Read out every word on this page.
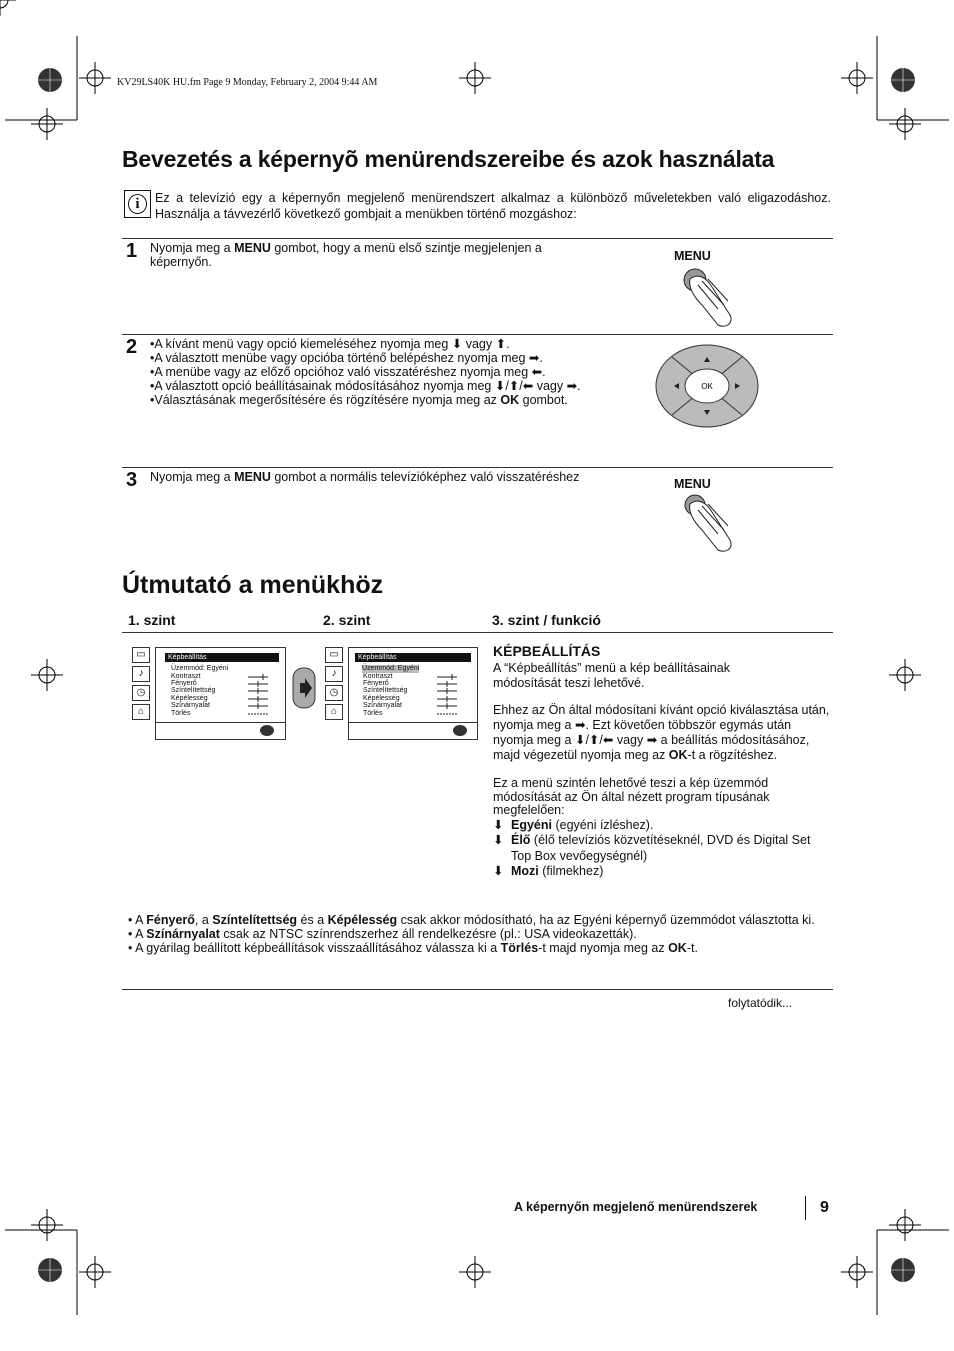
KV29LS40K HU.fm Page 9 Monday, February 2, 2004 9:44 AM
Bevezetés a képernyõ menürendszereibe és azok használata
i	Ez a televízió egy a képernyőn megjelenő menürendszert alkalmaz a különböző műveletekben való eligazodáshoz. Használja a távvezérlő következő gombjait a menükben történő mozgáshoz:
1 Nyomja meg a MENU gombot, hogy a menü első szintje megjelenjen a képernyőn.	MENU
2 •A kívánt menü vagy opció kiemeléséhez nyomja meg ⬇ vagy ⬆.
•A választott menübe vagy opcióba történő belépéshez nyomja meg ➡.
•A menübe vagy az előző opcióhoz való visszatéréshez nyomja meg ⬅.
•A választott opció beállításainak módosításához nyomja meg ⬇/⬆/⬅ vagy ➡.
•Választásának megerősítésére és rögzítésére nyomja meg az OK gombot.
OK
3 Nyomja meg a MENU gombot a normális televízióképhez való visszatéréshez	MENU
Útmutató a menükhöz
1. szint	2. szint	3. szint / funkció
▭
♪
◷
⌂
Képbeállítás
Üzemmód: Egyéni
Kontraszt
Fényerő
Színtelítettség
Képélesség
Színárnyalat
Törlés
▭
♪
◷
⌂
Képbeállítás
Üzemmód: Egyéni
Kontraszt
Fényerő
Színtelítettség
Képélesség
Színárnyalat
Törlés
KÉPBEÁLLÍTÁS
A “Képbeállítás” menü a kép beállításainak módosítását teszi lehetővé.
Ehhez az Ön által módosítani kívánt opció kiválasztása után, nyomja meg a ➡. Ezt követően többször egymás után nyomja meg a ⬇/⬆/⬅ vagy ➡ a beállítás módosításához, majd végezetül nyomja meg az OK-t a rögzítéshez.
Ez a menü szintén lehetővé teszi a kép üzemmód módosítását az Ön által nézett program típusának megfelelően:
⬇ Egyéni (egyéni ízléshez).
⬇ Élő (élő televíziós közvetítéseknél, DVD és Digital Set Top Box vevőegységnél)
⬇ Mozi (filmekhez)
• A Fényerő, a Színtelítettség és a Képélesség csak akkor módosítható, ha az Egyéni képernyő üzemmódot választotta ki.
• A Színárnyalat csak az NTSC színrendszerhez áll rendelkezésre (pl.: USA videokazetták).
• A gyárilag beállított képbeállítások visszaállításához válassza ki a Törlés-t majd nyomja meg az OK-t.
folytatódik...
A képernyőn megjelenő menürendszerek	9
